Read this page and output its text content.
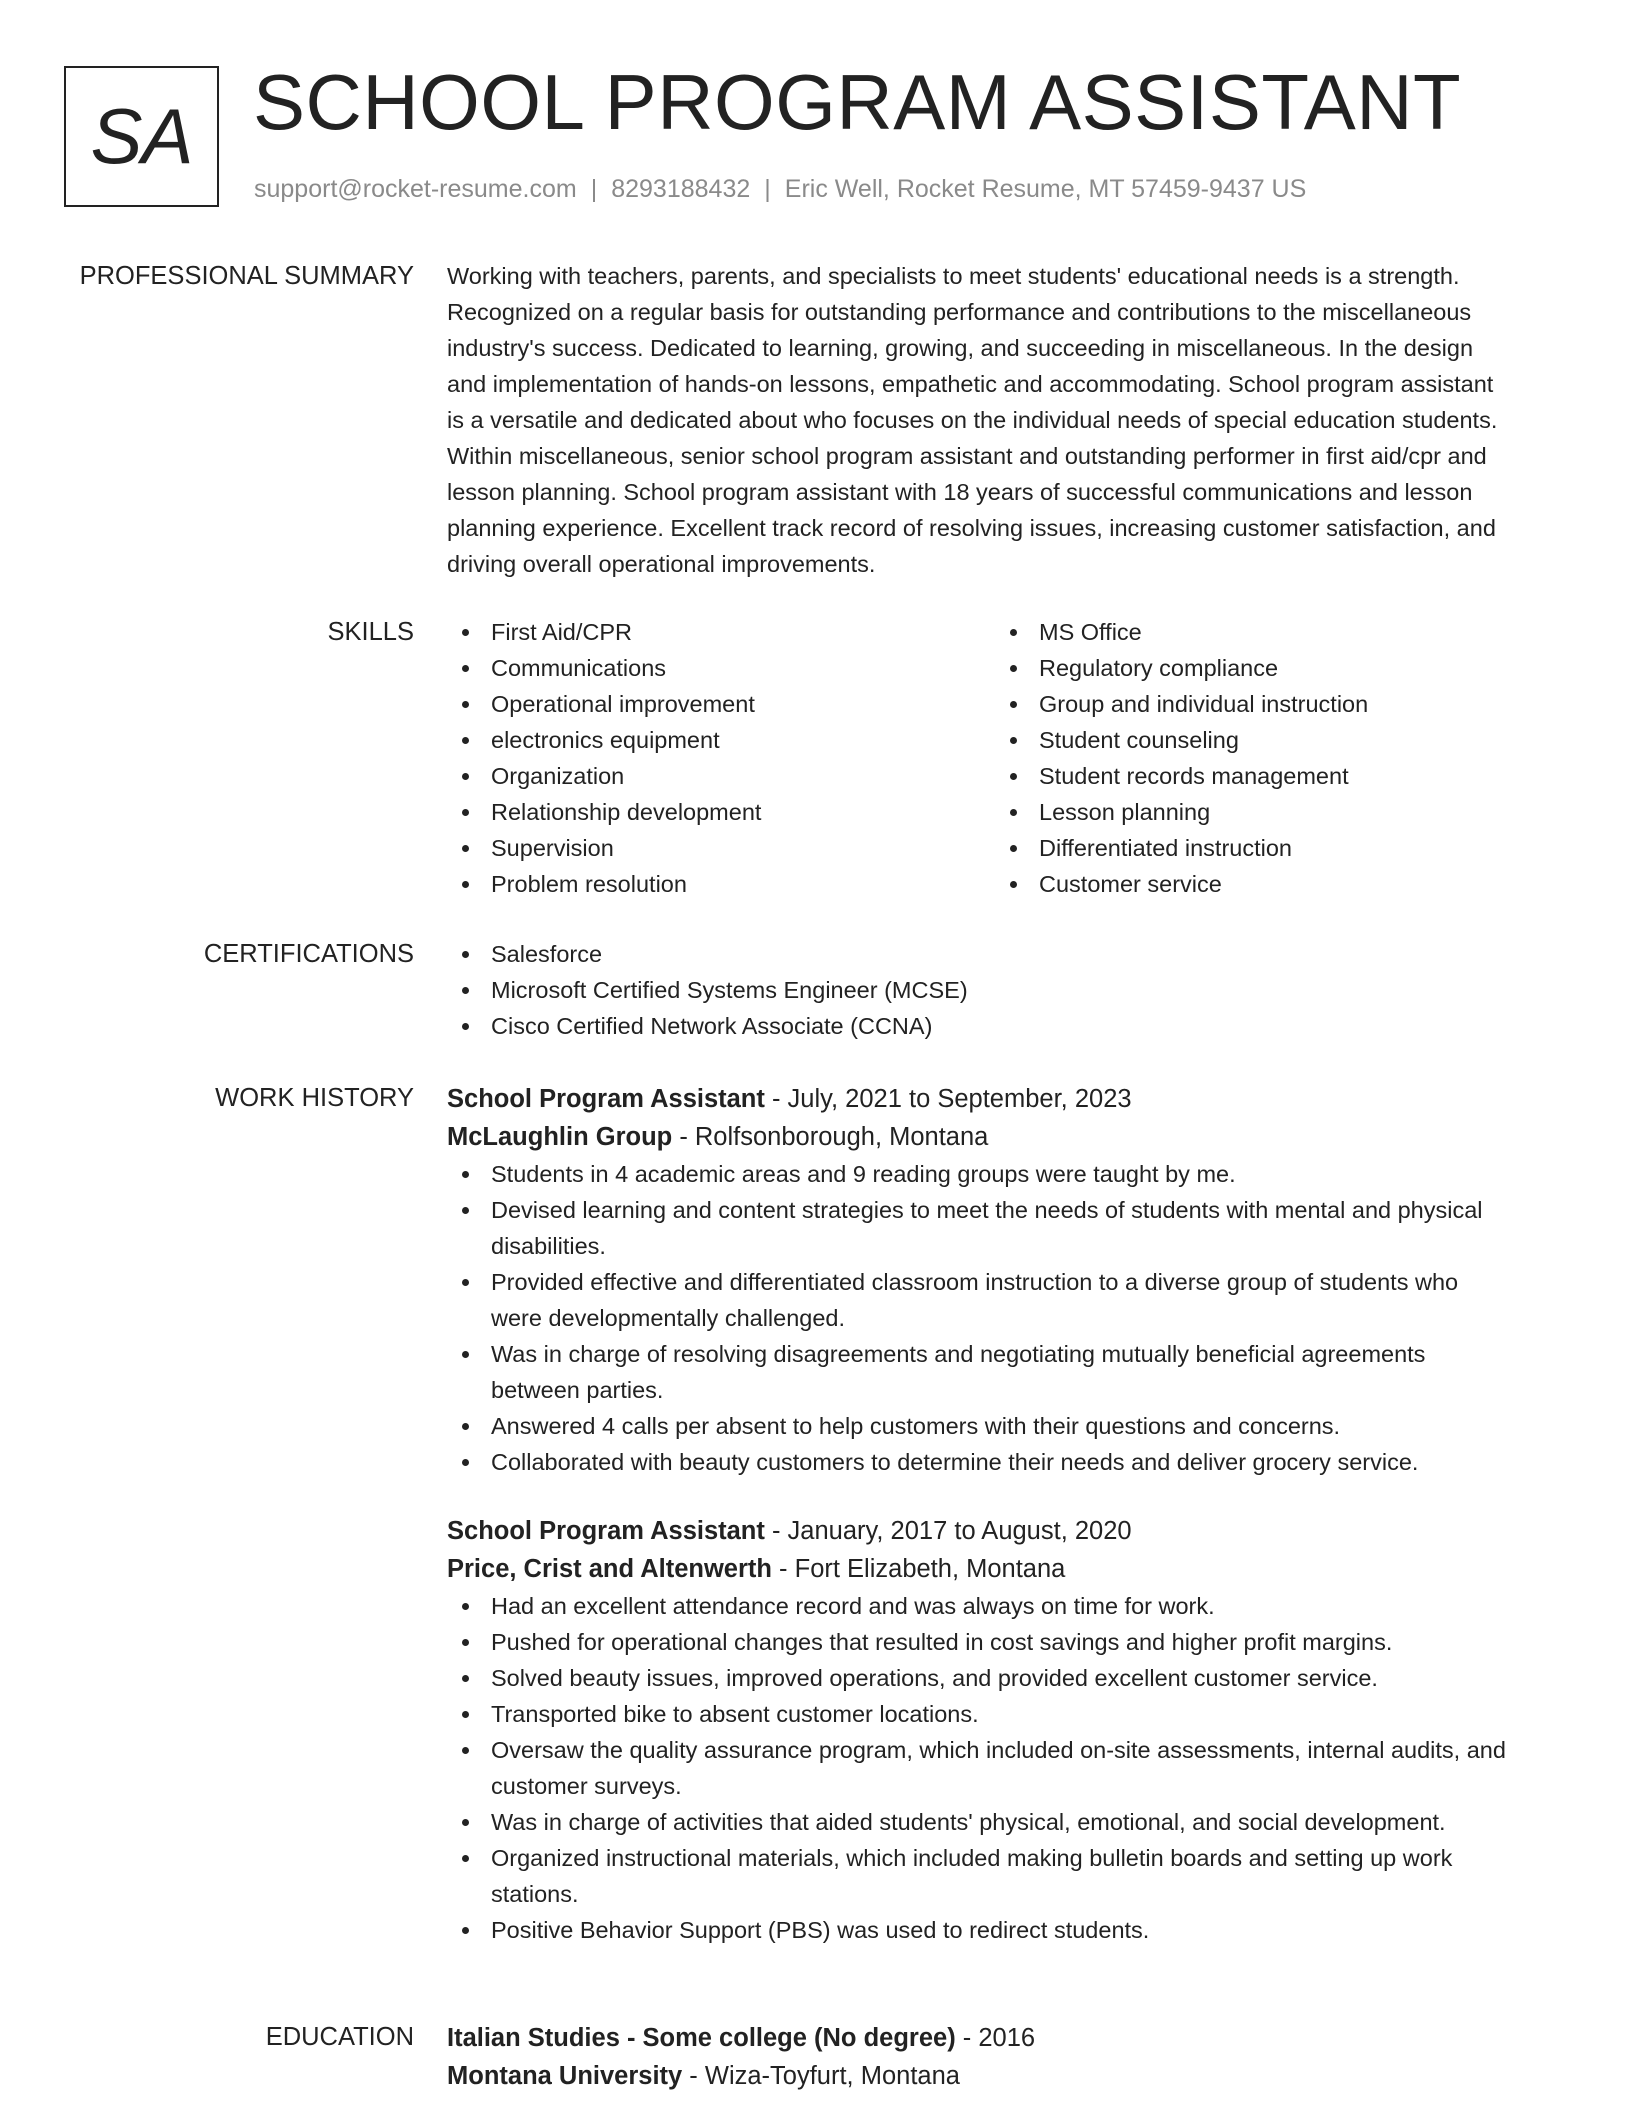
SA SCHOOL PROGRAM ASSISTANT
support@rocket-resume.com | 8293188432 | Eric Well, Rocket Resume, MT 57459-9437 US
PROFESSIONAL SUMMARY Working with teachers, parents, and specialists to meet students' educational needs is a strength.
Recognized on a regular basis for outstanding performance and contributions to the miscellaneous
industry's success. Dedicated to learning, growing, and succeeding in miscellaneous. In the design
and implementation of hands-on lessons, empathetic and accommodating. School program assistant
is a versatile and dedicated about who focuses on the individual needs of special education students.
Within miscellaneous, senior school program assistant and outstanding performer in first aid/cpr and
lesson planning. School program assistant with 18 years of successful communications and lesson
planning experience. Excellent track record of resolving issues, increasing customer satisfaction, and
driving overall operational improvements.
SKILLS	First Aid/CPR
Communications
Operational improvement
electronics equipment
Organization
Relationship development
Supervision
Problem resolution
MS Office
Regulatory compliance
Group and individual instruction
Student counseling
Student records management
Lesson planning
Differentiated instruction
Customer service
CERTIFICATIONS	Salesforce
Microsoft Certified Systems Engineer (MCSE)
Cisco Certified Network Associate (CCNA)
WORK HISTORY School Program Assistant - July, 2021 to September, 2023
McLaughlin Group - Rolfsonborough, Montana
Students in 4 academic areas and 9 reading groups were taught by me.
Devised learning and content strategies to meet the needs of students with mental and physical
disabilities.
Provided effective and differentiated classroom instruction to a diverse group of students who
were developmentally challenged.
Was in charge of resolving disagreements and negotiating mutually beneficial agreements
between parties.
Answered 4 calls per absent to help customers with their questions and concerns.
Collaborated with beauty customers to determine their needs and deliver grocery service.
School Program Assistant - January, 2017 to August, 2020
Price, Crist and Altenwerth - Fort Elizabeth, Montana
Had an excellent attendance record and was always on time for work.
Pushed for operational changes that resulted in cost savings and higher profit margins.
Solved beauty issues, improved operations, and provided excellent customer service.
Transported bike to absent customer locations.
Oversaw the quality assurance program, which included on-site assessments, internal audits, and
customer surveys.
Was in charge of activities that aided students' physical, emotional, and social development.
Organized instructional materials, which included making bulletin boards and setting up work
stations.
Positive Behavior Support (PBS) was used to redirect students.
EDUCATION Italian Studies - Some college (No degree) - 2016
Montana University - Wiza-Toyfurt, Montana
